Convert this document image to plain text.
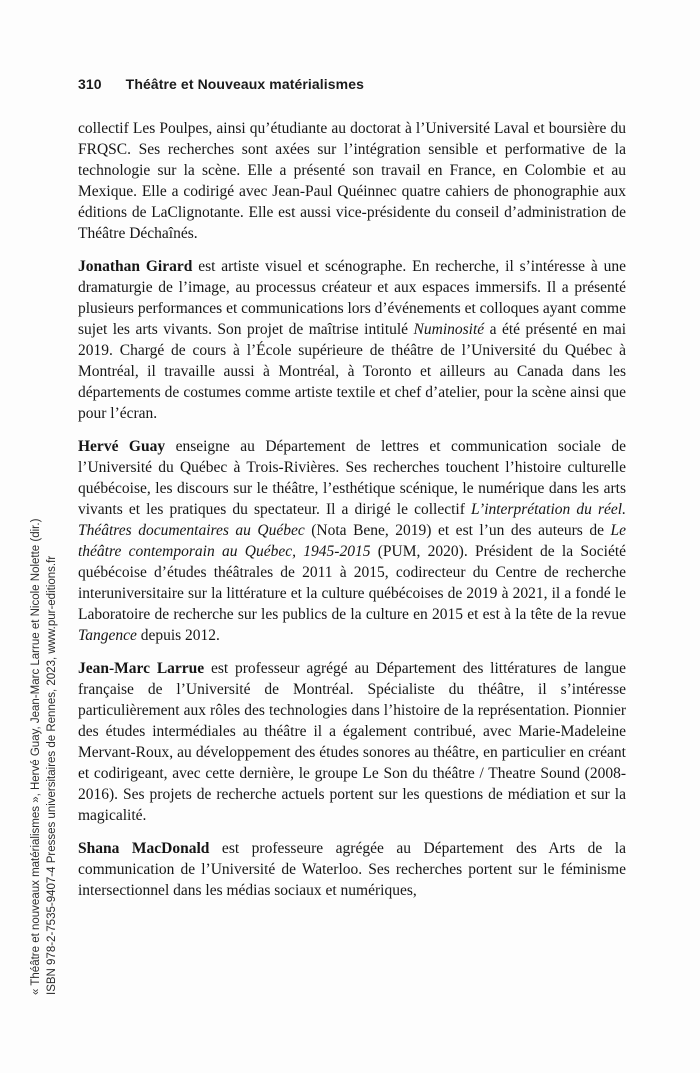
310 Théâtre et Nouveaux matérialismes

collectif Les Poulpes, ainsi qu’étudiante au doctorat à l’Université Laval et boursière du FRQSC. Ses recherches sont axées sur l’intégration sensible et performative de la technologie sur la scène. Elle a présenté son travail en France, en Colombie et au Mexique. Elle a codirigé avec Jean-Paul Quéinnec quatre cahiers de phonographie aux éditions de LaClignotante. Elle est aussi vice-présidente du conseil d’administration de Théâtre Déchaînés.

Jonathan Girard est artiste visuel et scénographe. En recherche, il s’intéresse à une dramaturgie de l’image, au processus créateur et aux espaces immersifs. Il a présenté plusieurs performances et communications lors d’événements et colloques ayant comme sujet les arts vivants. Son projet de maîtrise intitulé Numinosité a été présenté en mai 2019. Chargé de cours à l’École supérieure de théâtre de l’Université du Québec à Montréal, il travaille aussi à Montréal, à Toronto et ailleurs au Canada dans les départements de costumes comme artiste textile et chef d’atelier, pour la scène ainsi que pour l’écran.

Hervé Guay enseigne au Département de lettres et communication sociale de l’Université du Québec à Trois-Rivières. Ses recherches touchent l’histoire culturelle québécoise, les discours sur le théâtre, l’esthétique scénique, le numérique dans les arts vivants et les pratiques du spectateur. Il a dirigé le collectif L’interprétation du réel. Théâtres documentaires au Québec (Nota Bene, 2019) et est l’un des auteurs de Le théâtre contemporain au Québec, 1945-2015 (PUM, 2020). Président de la Société québécoise d’études théâtrales de 2011 à 2015, codirecteur du Centre de recherche interuniversitaire sur la littérature et la culture québécoises de 2019 à 2021, il a fondé le Laboratoire de recherche sur les publics de la culture en 2015 et est à la tête de la revue Tangence depuis 2012.

Jean-Marc Larrue est professeur agrégé au Département des littératures de langue française de l’Université de Montréal. Spécialiste du théâtre, il s’intéresse particulièrement aux rôles des technologies dans l’histoire de la représentation. Pionnier des études intermédiales au théâtre il a également contribué, avec Marie-Madeleine Mervant-Roux, au développement des études sonores au théâtre, en particulier en créant et codirigeant, avec cette dernière, le groupe Le Son du théâtre / Theatre Sound (2008-2016). Ses projets de recherche actuels portent sur les questions de médiation et sur la magicalité.

Shana MacDonald est professeure agrégée au Département des Arts de la communication de l’Université de Waterloo. Ses recherches portent sur le féminisme intersectionnel dans les médias sociaux et numériques,

« Théâtre et nouveaux matérialismes », Hervé Guay, Jean-Marc Larrue et Nicole Nolette (dir.) ISBN 978-2-7535-9407-4 Presses universitaires de Rennes, 2023, www.pur-editions.fr
